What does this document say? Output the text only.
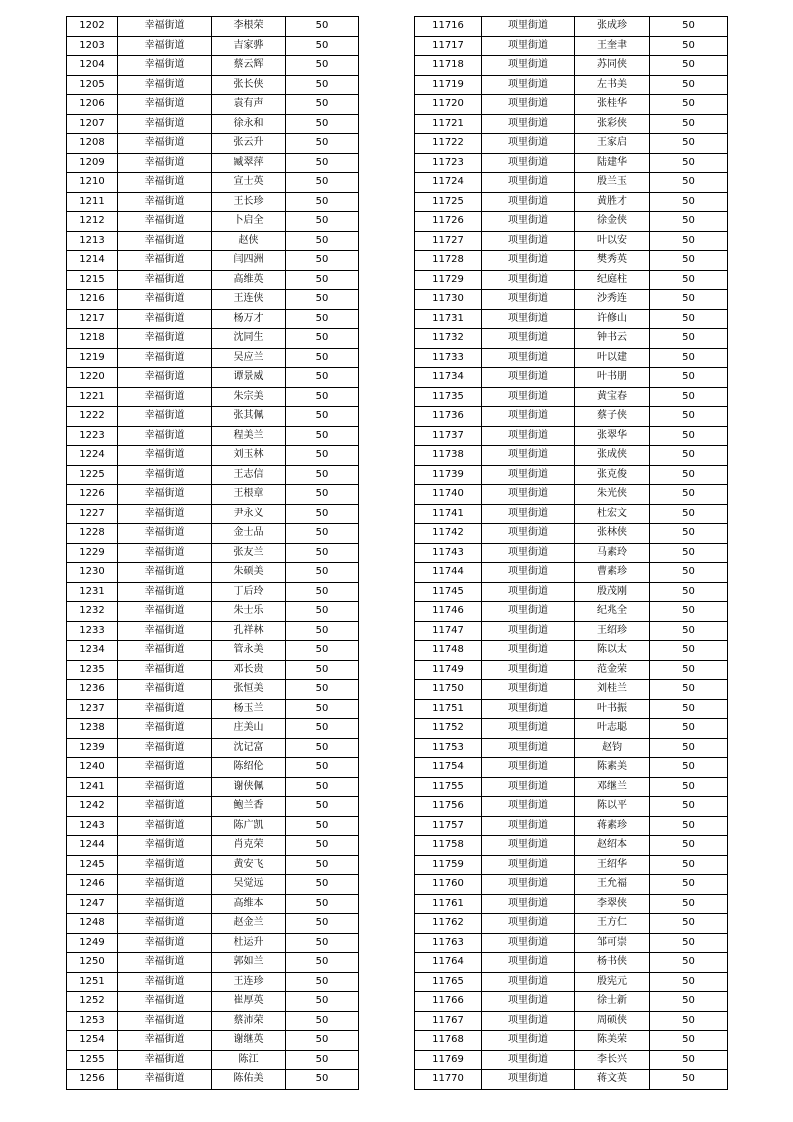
1202	幸福街道	李根荣	50
1203	幸福街道	吉家骅	50
1204	幸福街道	蔡云辉	50
1205	幸福街道	张长侠	50
1206	幸福街道	袁有声	50
1207	幸福街道	徐永和	50
1208	幸福街道	张云升	50
1209	幸福街道	臧翠萍	50
1210	幸福街道	宣士英	50
1211	幸福街道	王长珍	50
1212	幸福街道	卜启全	50
1213	幸福街道	赵侠	50
1214	幸福街道	闫四洲	50
1215	幸福街道	高维英	50
1216	幸福街道	王连侠	50
1217	幸福街道	杨万才	50
1218	幸福街道	沈同生	50
1219	幸福街道	吴应兰	50
1220	幸福街道	谭景威	50
1221	幸福街道	朱宗美	50
1222	幸福街道	张其佩	50
1223	幸福街道	程美兰	50
1224	幸福街道	刘玉林	50
1225	幸福街道	王志信	50
1226	幸福街道	王根章	50
1227	幸福街道	尹永义	50
1228	幸福街道	金士品	50
1229	幸福街道	张友兰	50
1230	幸福街道	朱硕美	50
1231	幸福街道	丁后玲	50
1232	幸福街道	朱士乐	50
1233	幸福街道	孔祥林	50
1234	幸福街道	管永美	50
1235	幸福街道	邓长贵	50
1236	幸福街道	张恒美	50
1237	幸福街道	杨玉兰	50
1238	幸福街道	庄美山	50
1239	幸福街道	沈记富	50
1240	幸福街道	陈绍伦	50
1241	幸福街道	谢侠佩	50
1242	幸福街道	鲍兰香	50
1243	幸福街道	陈广凯	50
1244	幸福街道	肖克荣	50
1245	幸福街道	黄安飞	50
1246	幸福街道	吴觉远	50
1247	幸福街道	高维本	50
1248	幸福街道	赵金兰	50
1249	幸福街道	杜运升	50
1250	幸福街道	郭如兰	50
1251	幸福街道	王连珍	50
1252	幸福街道	崔厚英	50
1253	幸福街道	蔡沛荣	50
1254	幸福街道	谢继英	50
1255	幸福街道	陈江	50
1256	幸福街道	陈佑美	50
11716	项里街道	张成珍	50
11717	项里街道	王奎聿	50
11718	项里街道	苏同侠	50
11719	项里街道	左书美	50
11720	项里街道	张桂华	50
11721	项里街道	张彩侠	50
11722	项里街道	王家启	50
11723	项里街道	陆建华	50
11724	项里街道	殷兰玉	50
11725	项里街道	黄胜才	50
11726	项里街道	徐金侠	50
11727	项里街道	叶以安	50
11728	项里街道	樊秀英	50
11729	项里街道	纪庭柱	50
11730	项里街道	沙秀连	50
11731	项里街道	许修山	50
11732	项里街道	钟书云	50
11733	项里街道	叶以建	50
11734	项里街道	叶书朋	50
11735	项里街道	黄宝春	50
11736	项里街道	蔡子侠	50
11737	项里街道	张翠华	50
11738	项里街道	张成侠	50
11739	项里街道	张克俊	50
11740	项里街道	朱光侠	50
11741	项里街道	杜宏文	50
11742	项里街道	张林侠	50
11743	项里街道	马素玲	50
11744	项里街道	曹素珍	50
11745	项里街道	殷茂刚	50
11746	项里街道	纪兆全	50
11747	项里街道	王绍珍	50
11748	项里街道	陈以太	50
11749	项里街道	范金荣	50
11750	项里街道	刘桂兰	50
11751	项里街道	叶书振	50
11752	项里街道	叶志聪	50
11753	项里街道	赵钧	50
11754	项里街道	陈素美	50
11755	项里街道	邓继兰	50
11756	项里街道	陈以平	50
11757	项里街道	蒋素珍	50
11758	项里街道	赵绍本	50
11759	项里街道	王绍华	50
11760	项里街道	王允福	50
11761	项里街道	李翠侠	50
11762	项里街道	王方仁	50
11763	项里街道	邹可崇	50
11764	项里街道	杨书侠	50
11765	项里街道	殷宪元	50
11766	项里街道	徐士新	50
11767	项里街道	周硕侠	50
11768	项里街道	陈美荣	50
11769	项里街道	李长兴	50
11770	项里街道	蒋文英	50
